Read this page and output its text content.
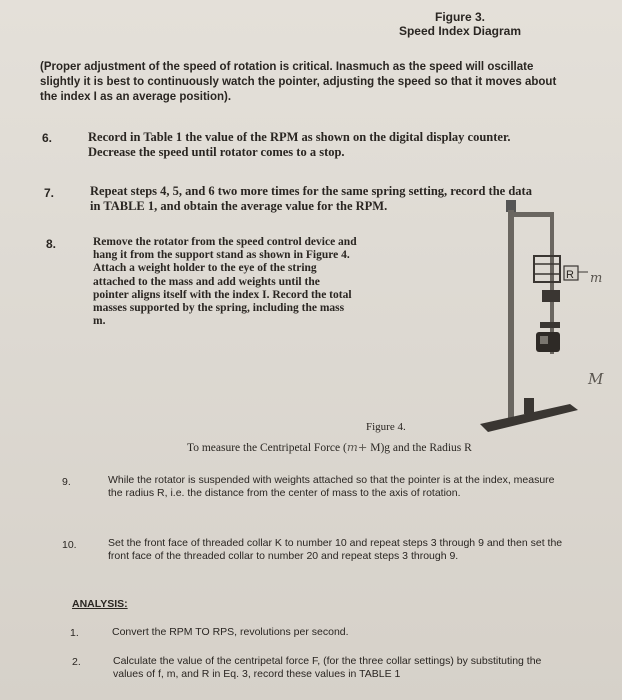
Figure 3.
Speed Index Diagram
(Proper adjustment of the speed of rotation is critical. Inasmuch as the speed will oscillate slightly it is best to continuously watch the pointer, adjusting the speed so that it moves about the index I as an average position).
6.	Record in Table 1 the value of the RPM as shown on the digital display counter. Decrease the speed until rotator comes to a stop.
7.	Repeat steps 4, 5, and 6 two more times for the same spring setting, record the data in TABLE 1, and obtain the average value for the RPM.
8.	Remove the rotator from the speed control device and hang it from the support stand as shown in Figure 4. Attach a weight holder to the eye of the string attached to the mass and add weights until the pointer aligns itself with the index I. Record the total masses supported by the spring, including the mass m.
R m
M
Figure 4.
To measure the Centripetal Force (m+ M)g and the Radius R
9.	While the rotator is suspended with weights attached so that the pointer is at the index, measure the radius R, i.e. the distance from the center of mass to the axis of rotation.
10.	Set the front face of threaded collar K to number 10 and repeat steps 3 through 9 and then set the front face of the threaded collar to number 20 and repeat steps 3 through 9.
ANALYSIS:
1.	Convert the RPM TO RPS, revolutions per second.
2.	Calculate the value of the centripetal force F, (for the three collar settings) by substituting the values of f, m, and R in Eq. 3, record these values in TABLE 1
